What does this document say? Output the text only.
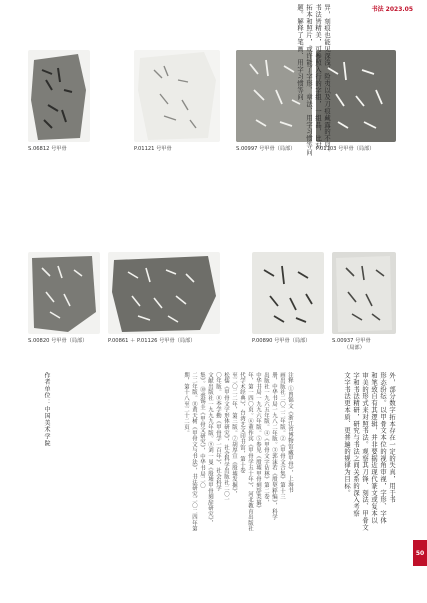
书法 2023.05
S.06812 号甲骨	P.01121 号甲骨	S.00997 号甲骨（局部）	P.01103 号甲骨（局部）
S.00820 号甲骨（局部）	P.00861 ＋ P.01126 号甲骨（局部）	P.00890 号甲骨（局部）	S.00937 号甲骨
（局部）
异，刻痕也能见深浅、险夷以及刀痕藏露的不同。
书法皆精美，可参照入行的字组，一组品，比对
拓本和照片，或许能了字形、章法、用字习惯等问
题。解释了笔画、用字习惯等问
外，部分数字拓本存在一定的失真，用于书
形态纷纭。以甲骨文本位的视角审视，字形、字体
和笔致自有其逻辑，并非要据近现代篆文或复本以
审美的形式来对照书法。观察其刀锋、刻法、甲骨文
字和书法精研，研究与书法之间关系的深入考察
文字书法更本质、更普遍的规律为目标。
注释 ①曾锦文《浙江省博物馆藏甲骨》，上海书
画出版社二〇二二年版。②《甲骨文合集》第十三
册，中华书局一九八二年版。③郭沫若《殷契粹编》，科学
出版社一九六五年版。④《甲骨文字诂林》第二卷，
中华书局一九九六年版。⑤参见《殷墟甲骨刻辞类纂》
年，第一四〇页。⑥董作宾《甲骨学五十年》，河北教育出版社
代学术经典》，台湾艺文印书馆，第十卷
至二〇二二年，第三版。⑦胡厚宣《殷墟发掘》，
松儒《甲骨文字形体研究》，社会科学出版社二〇一
〇年版。⑧李学勤《甲骨学一百年》，社会科学
文献出版社一九九九年版。⑨刘一曼《殷墟甲骨刻辞研究》，
集》。⑩裘锡圭《甲骨文研究》，中华书局二〇
二二年版。⑪黄天树《甲骨文与书法》，书法研究二〇二四年第
期，第十八至二十二页。
作者单位：中国美术学院
50
